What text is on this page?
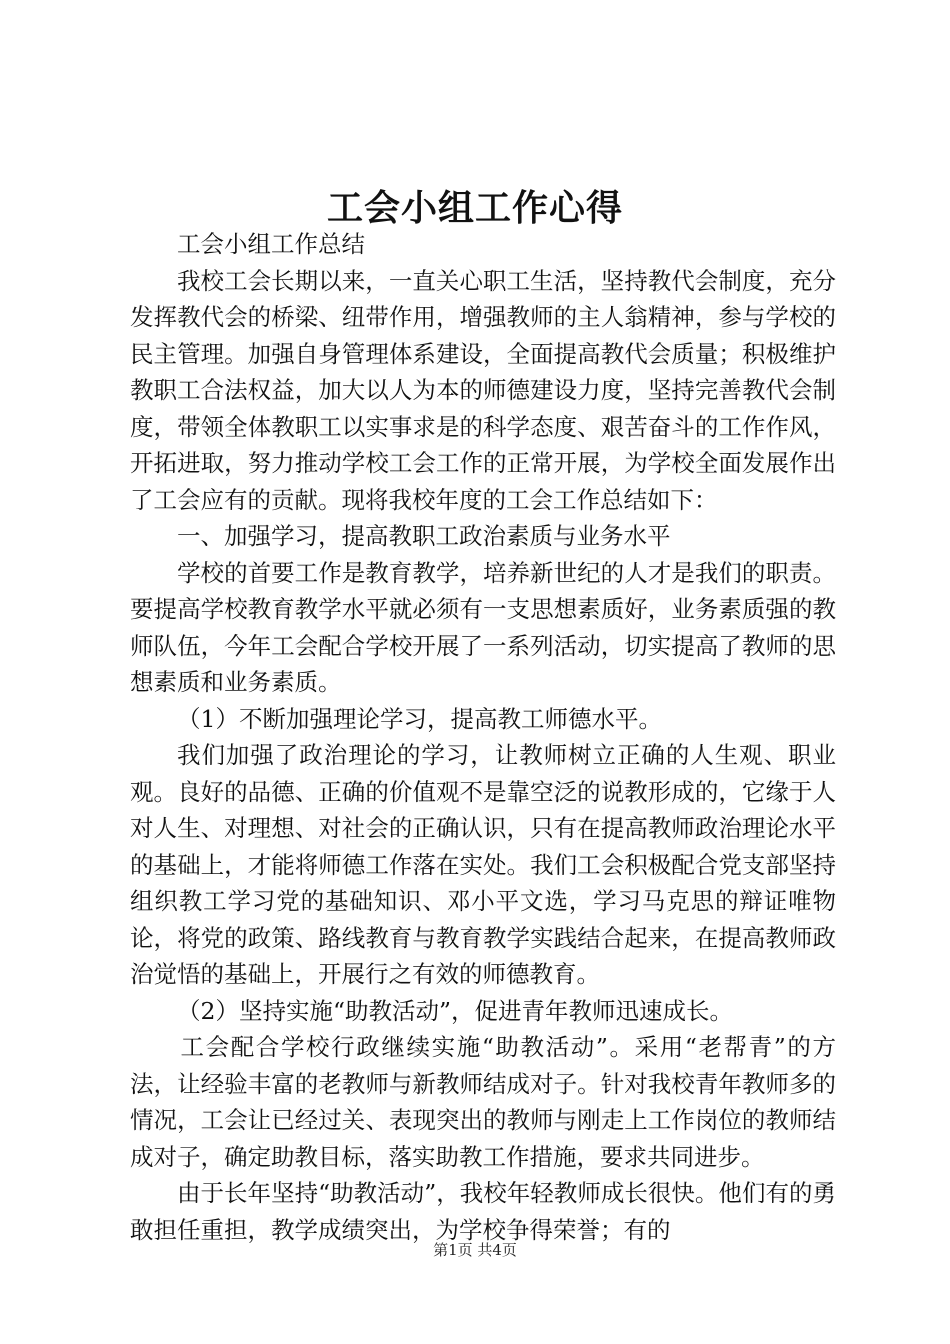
工会小组工作心得

工会小组工作总结

我校工会长期以来，一直关心职工生活，坚持教代会制度，充分发挥教代会的桥梁、纽带作用，增强教师的主人翁精神，参与学校的民主管理。加强自身管理体系建设，全面提高教代会质量；积极维护教职工合法权益，加大以人为本的师德建设力度，坚持完善教代会制度，带领全体教职工以实事求是的科学态度、艰苦奋斗的工作作风，开拓进取，努力推动学校工会工作的正常开展，为学校全面发展作出了工会应有的贡献。现将我校年度的工会工作总结如下：

一、加强学习，提高教职工政治素质与业务水平

学校的首要工作是教育教学，培养新世纪的人才是我们的职责。要提高学校教育教学水平就必须有一支思想素质好，业务素质强的教师队伍，今年工会配合学校开展了一系列活动，切实提高了教师的思想素质和业务素质。

（1）不断加强理论学习，提高教工师德水平。

我们加强了政治理论的学习，让教师树立正确的人生观、职业观。良好的品德、正确的价值观不是靠空泛的说教形成的，它缘于人对人生、对理想、对社会的正确认识，只有在提高教师政治理论水平的基础上，才能将师德工作落在实处。我们工会积极配合党支部坚持组织教工学习党的基础知识、邓小平文选，学习马克思的辩证唯物论，将党的政策、路线教育与教育教学实践结合起来，在提高教师政治觉悟的基础上，开展行之有效的师德教育。

（2）坚持实施“助教活动”，促进青年教师迅速成长。

工会配合学校行政继续实施“助教活动”。采用“老帮青”的方法，让经验丰富的老教师与新教师结成对子。针对我校青年教师多的情况，工会让已经过关、表现突出的教师与刚走上工作岗位的教师结成对子，确定助教目标，落实助教工作措施，要求共同进步。

由于长年坚持“助教活动”，我校年轻教师成长很快。他们有的勇敢担任重担，教学成绩突出，为学校争得荣誉；有的

第1页 共4页
